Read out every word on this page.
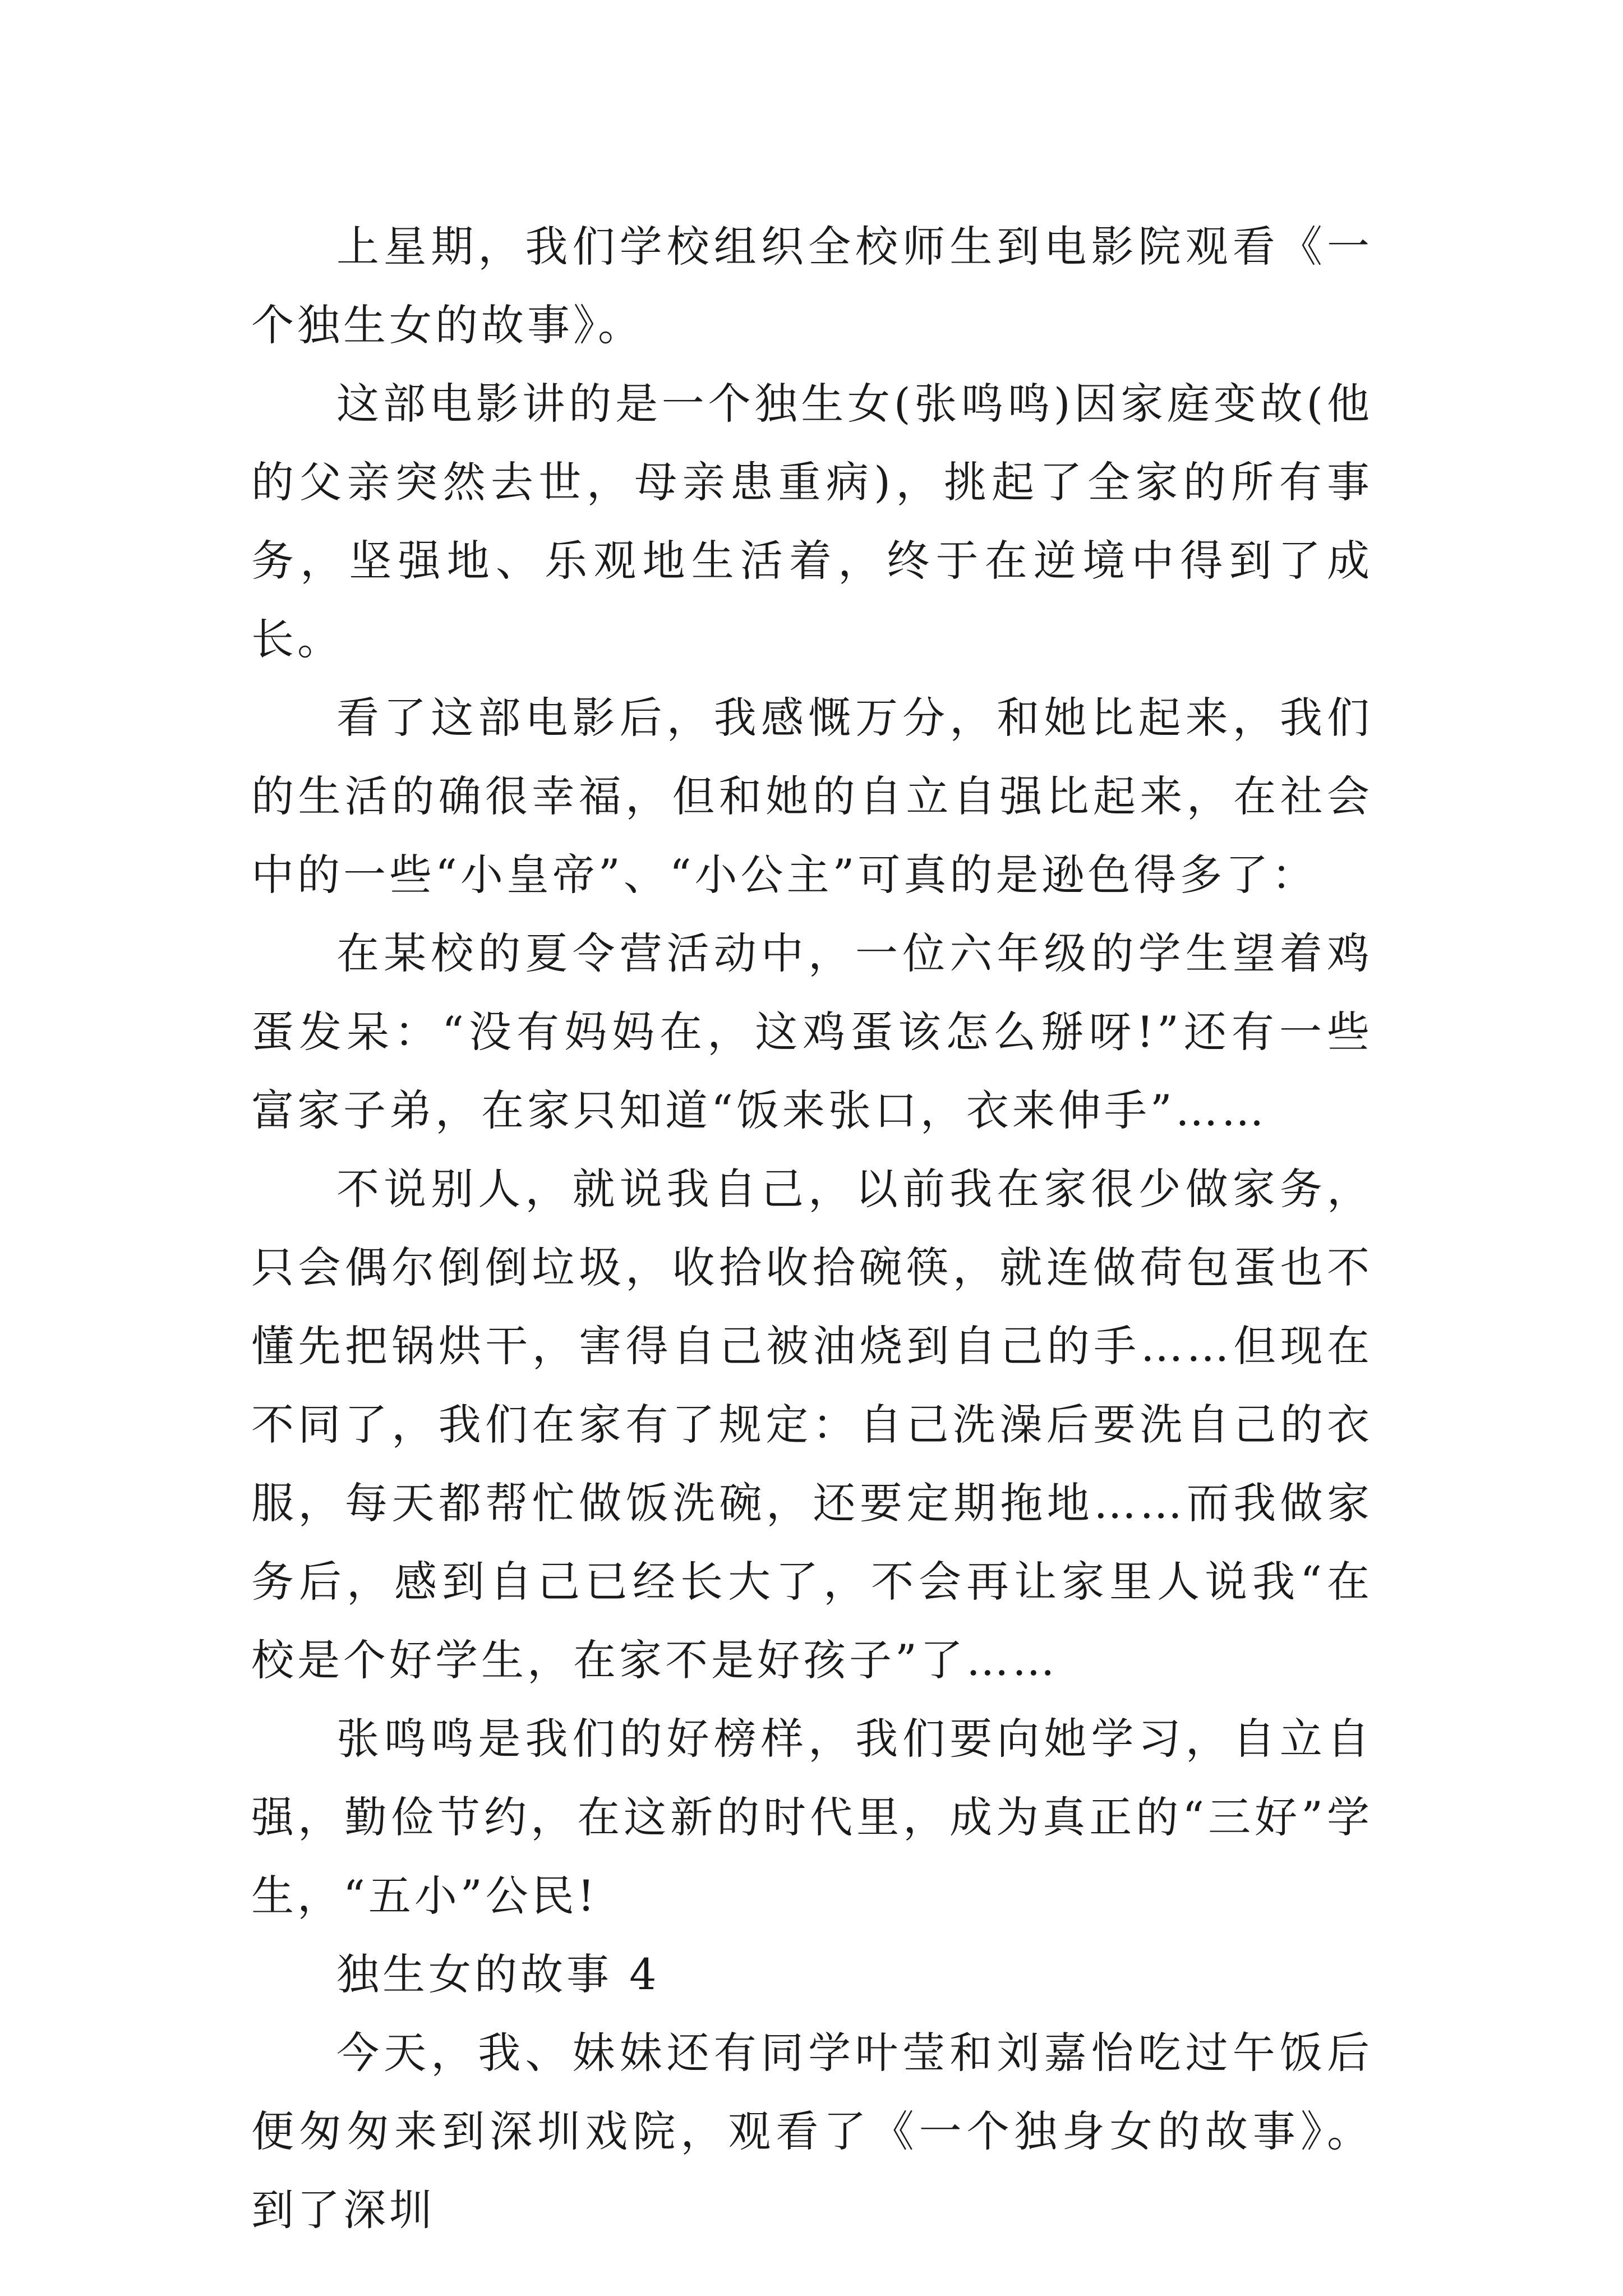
上星期，我们学校组织全校师生到电影院观看《一个独生女的故事》。

这部电影讲的是一个独生女(张鸣鸣)因家庭变故(他的父亲突然去世，母亲患重病)，挑起了全家的所有事务，坚强地、乐观地生活着，终于在逆境中得到了成长。

看了这部电影后，我感慨万分，和她比起来，我们的生活的确很幸福，但和她的自立自强比起来，在社会中的一些“小皇帝”、“小公主”可真的是逊色得多了：

在某校的夏令营活动中，一位六年级的学生望着鸡蛋发呆：“没有妈妈在，这鸡蛋该怎么掰呀!”还有一些富家子弟，在家只知道“饭来张口，衣来伸手”……

不说别人，就说我自己，以前我在家很少做家务，只会偶尔倒倒垃圾，收拾收拾碗筷，就连做荷包蛋也不懂先把锅烘干，害得自己被油烧到自己的手……但现在不同了，我们在家有了规定：自己洗澡后要洗自己的衣服，每天都帮忙做饭洗碗，还要定期拖地……而我做家务后，感到自己已经长大了，不会再让家里人说我“在校是个好学生，在家不是好孩子”了……

张鸣鸣是我们的好榜样，我们要向她学习，自立自强，勤俭节约，在这新的时代里，成为真正的“三好”学生，“五小”公民!

独生女的故事 4

今天，我、妹妹还有同学叶莹和刘嘉怡吃过午饭后便匆匆来到深圳戏院，观看了《一个独身女的故事》。到了深圳
